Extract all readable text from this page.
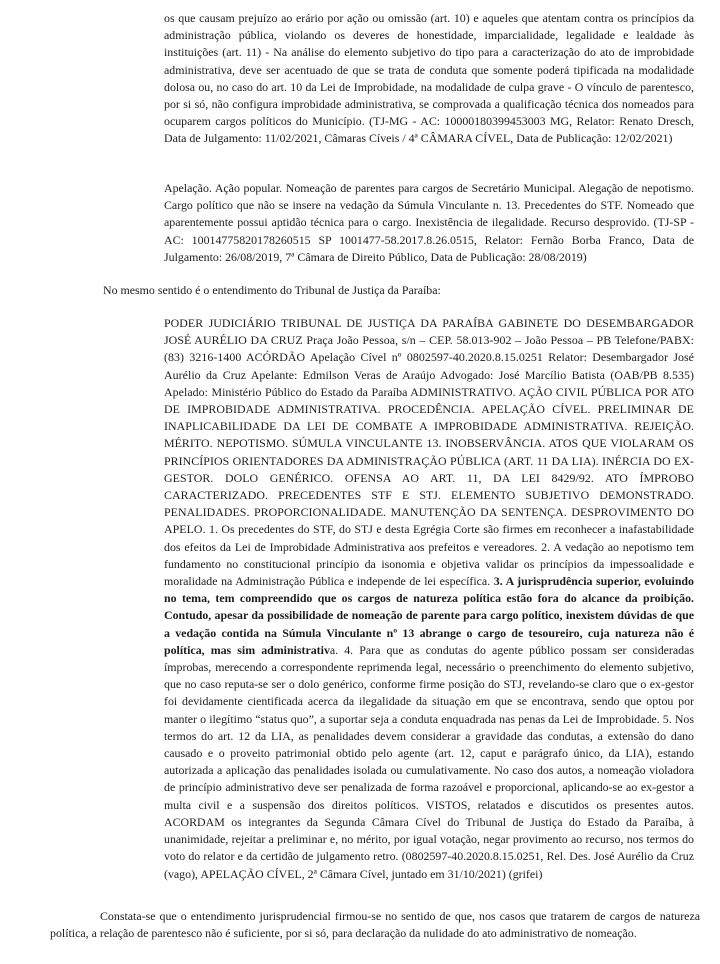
os que causam prejuízo ao erário por ação ou omissão (art. 10) e aqueles que atentam contra os princípios da administração pública, violando os deveres de honestidade, imparcialidade, legalidade e lealdade às instituições (art. 11) - Na análise do elemento subjetivo do tipo para a caracterização do ato de improbidade administrativa, deve ser acentuado de que se trata de conduta que somente poderá tipificada na modalidade dolosa ou, no caso do art. 10 da Lei de Improbidade, na modalidade de culpa grave - O vínculo de parentesco, por si só, não configura improbidade administrativa, se comprovada a qualificação técnica dos nomeados para ocuparem cargos políticos do Município. (TJ-MG - AC: 10000180399453003 MG, Relator: Renato Dresch, Data de Julgamento: 11/02/2021, Câmaras Cíveis / 4ª CÂMARA CÍVEL, Data de Publicação: 12/02/2021)

Apelação. Ação popular. Nomeação de parentes para cargos de Secretário Municipal. Alegação de nepotismo. Cargo político que não se insere na vedação da Súmula Vinculante n. 13. Precedentes do STF. Nomeado que aparentemente possui aptidão técnica para o cargo. Inexistência de ilegalidade. Recurso desprovido. (TJ-SP - AC: 10014775820178260515 SP 1001477-58.2017.8.26.0515, Relator: Fernão Borba Franco, Data de Julgamento: 26/08/2019, 7ª Câmara de Direito Público, Data de Publicação: 28/08/2019)

No mesmo sentido é o entendimento do Tribunal de Justiça da Paraíba:

PODER JUDICIÁRIO TRIBUNAL DE JUSTIÇA DA PARAÍBA GABINETE DO DESEMBARGADOR JOSÉ AURÉLIO DA CRUZ Praça João Pessoa, s/n – CEP. 58.013-902 – João Pessoa – PB Telefone/PABX: (83) 3216-1400 ACÓRDÃO Apelação Cível nº 0802597-40.2020.8.15.0251 Relator: Desembargador José Aurélio da Cruz Apelante: Edmilson Veras de Araújo Advogado: José Marcílio Batista (OAB/PB 8.535) Apelado: Ministério Público do Estado da Paraíba ADMINISTRATIVO. AÇÃO CIVIL PÚBLICA POR ATO DE IMPROBIDADE ADMINISTRATIVA. PROCEDÊNCIA. APELAÇÃO CÍVEL. PRELIMINAR DE INAPLICABILIDADE DA LEI DE COMBATE A IMPROBIDADE ADMINISTRATIVA. REJEIÇÃO. MÉRITO. NEPOTISMO. SÚMULA VINCULANTE 13. INOBSERVÂNCIA. ATOS QUE VIOLARAM OS PRINCÍPIOS ORIENTADORES DA ADMINISTRAÇÃO PÚBLICA (ART. 11 DA LIA). INÉRCIA DO EX-GESTOR. DOLO GENÉRICO. OFENSA AO ART. 11, DA LEI 8429/92. ATO ÍMPROBO CARACTERIZADO. PRECEDENTES STF E STJ. ELEMENTO SUBJETIVO DEMONSTRADO. PENALIDADES. PROPORCIONALIDADE. MANUTENÇÃO DA SENTENÇA. DESPROVIMENTO DO APELO. 1. Os precedentes do STF, do STJ e desta Egrégia Corte são firmes em reconhecer a inafastabilidade dos efeitos da Lei de Improbidade Administrativa aos prefeitos e vereadores. 2. A vedação ao nepotismo tem fundamento no constitucional princípio da isonomia e objetiva validar os princípios da impessoalidade e moralidade na Administração Pública e independe de lei específica. 3. A jurisprudência superior, evoluindo no tema, tem compreendido que os cargos de natureza política estão fora do alcance da proibição. Contudo, apesar da possibilidade de nomeação de parente para cargo político, inexistem dúvidas de que a vedação contida na Súmula Vinculante nº 13 abrange o cargo de tesoureiro, cuja natureza não é política, mas sim administrativa. 4. Para que as condutas do agente público possam ser consideradas ímprobas, merecendo a correspondente reprimenda legal, necessário o preenchimento do elemento subjetivo, que no caso reputa-se ser o dolo genérico, conforme firme posição do STJ, revelando-se claro que o ex-gestor foi devidamente cientificada acerca da ilegalidade da situação em que se encontrava, sendo que optou por manter o ilegítimo “status quo”, a suportar seja a conduta enquadrada nas penas da Lei de Improbidade. 5. Nos termos do art. 12 da LIA, as penalidades devem considerar a gravidade das condutas, a extensão do dano causado e o proveito patrimonial obtido pelo agente (art. 12, caput e parágrafo único, da LIA), estando autorizada a aplicação das penalidades isolada ou cumulativamente. No caso dos autos, a nomeação violadora de princípio administrativo deve ser penalizada de forma razoável e proporcional, aplicando-se ao ex-gestor a multa civil e a suspensão dos direitos políticos. VISTOS, relatados e discutidos os presentes autos. ACORDAM os integrantes da Segunda Câmara Cível do Tribunal de Justiça do Estado da Paraíba, à unanimidade, rejeitar a preliminar e, no mérito, por igual votação, negar provimento ao recurso, nos termos do voto do relator e da certidão de julgamento retro. (0802597-40.2020.8.15.0251, Rel. Des. José Aurélio da Cruz (vago), APELAÇÃO CÍVEL, 2ª Câmara Cível, juntado em 31/10/2021) (grifei)

Constata-se que o entendimento jurisprudencial firmou-se no sentido de que, nos casos que tratarem de cargos de natureza política, a relação de parentesco não é suficiente, por si só, para declaração da nulidade do ato administrativo de nomeação.
